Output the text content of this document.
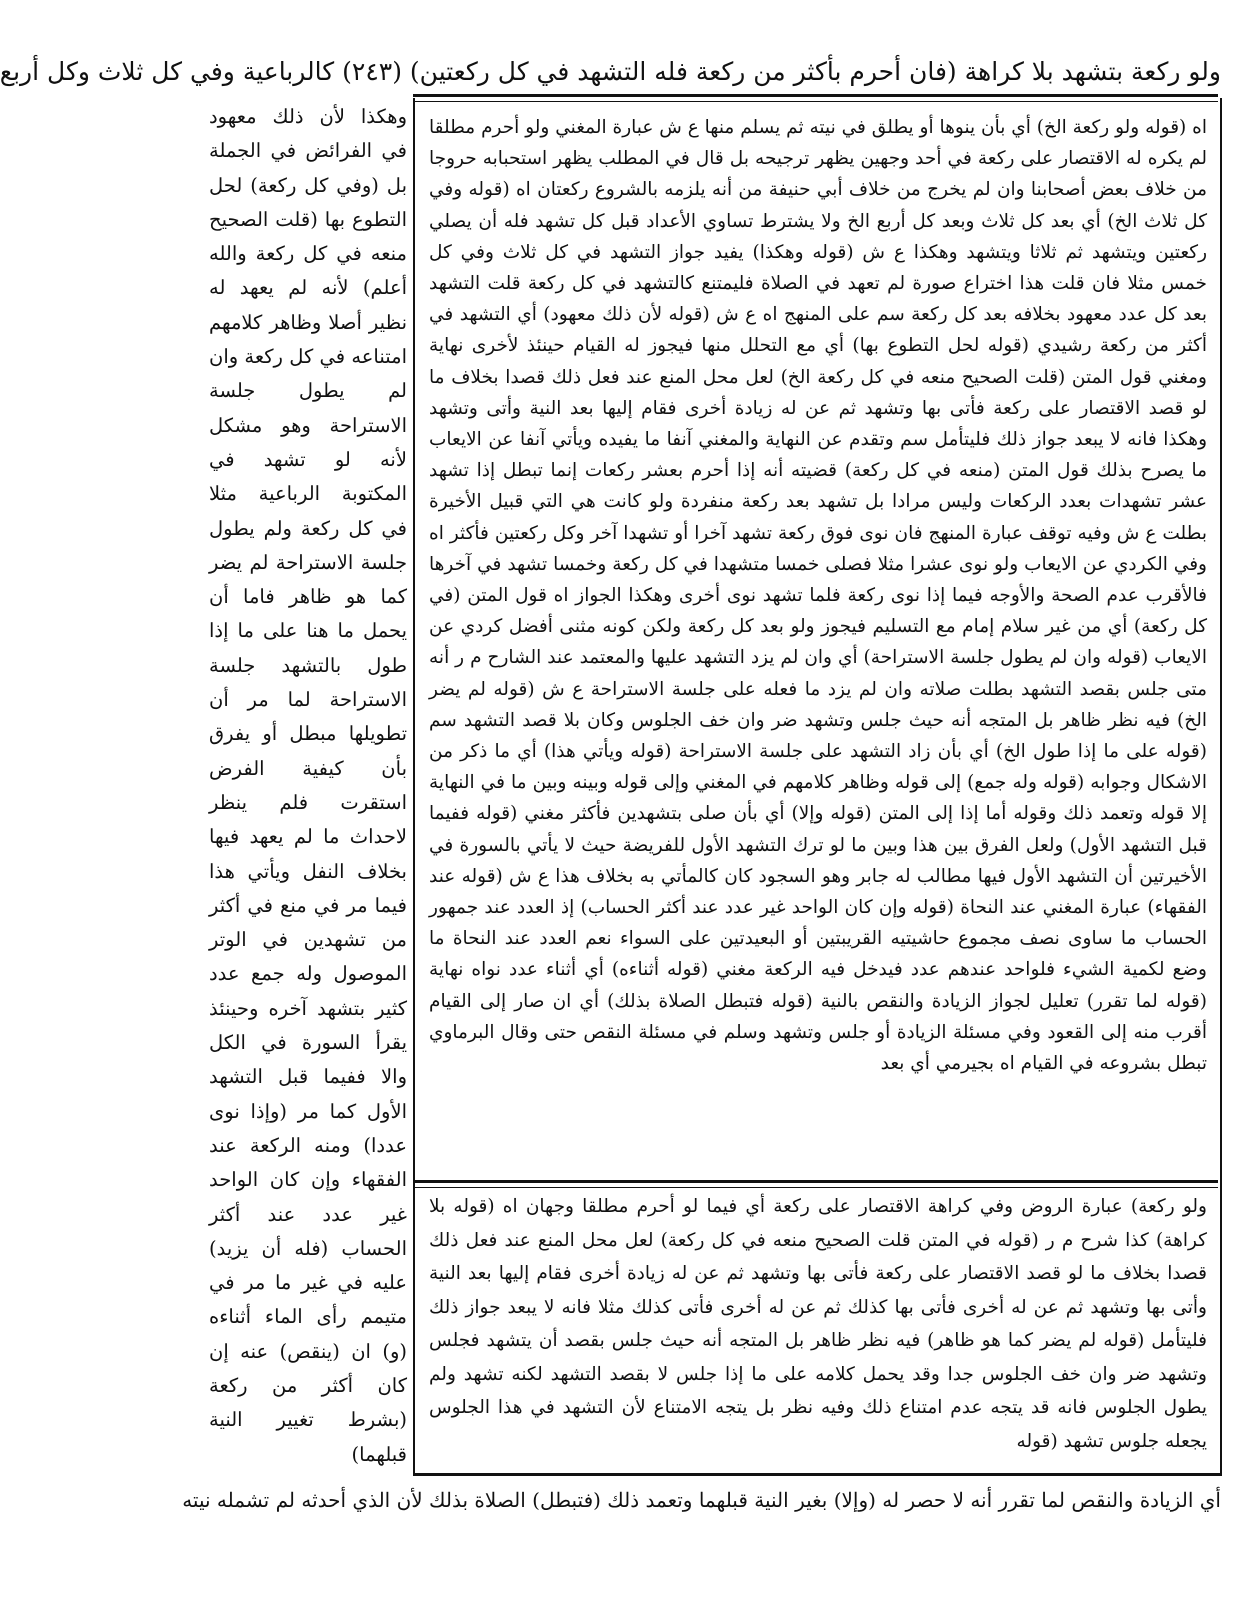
ولو ركعة بتشهد بلا كراهة (فان أحرم بأكثر من ركعة فله التشهد في كل ركعتين) (٢٤٣) كالرباعية وفي كل ثلاث وكل أربع

اه (قوله ولو ركعة الخ) أي بأن ينوها أو يطلق في نيته ثم يسلم منها ع ش عبارة المغني ولو أحرم مطلقا لم يكره له الاقتصار على ركعة في أحد وجهين يظهر ترجيحه بل قال في المطلب يظهر استحبابه حروجا من خلاف بعض أصحابنا وان لم يخرج من خلاف أبي حنيفة من أنه يلزمه بالشروع ركعتان اه (قوله وفي كل ثلاث الخ) أي بعد كل ثلاث وبعد كل أربع الخ ولا يشترط تساوي الأعداد قبل كل تشهد فله أن يصلي ركعتين ويتشهد ثم ثلاثا ويتشهد وهكذا ع ش (قوله وهكذا) يفيد جواز التشهد في كل ثلاث وفي كل خمس مثلا فان قلت هذا اختراع صورة لم تعهد في الصلاة فليمتنع كالتشهد في كل ركعة قلت التشهد بعد كل عدد معهود بخلافه بعد كل ركعة سم على المنهج اه ع ش (قوله لأن ذلك معهود) أي التشهد في أكثر من ركعة رشيدي (قوله لحل التطوع بها) أي مع التحلل منها فيجوز له القيام حينئذ لأخرى نهاية ومغني قول المتن (قلت الصحيح منعه في كل ركعة الخ) لعل محل المنع عند فعل ذلك قصدا بخلاف ما لو قصد الاقتصار على ركعة فأتى بها وتشهد ثم عن له زيادة أخرى فقام إليها بعد النية وأتى وتشهد وهكذا فانه لا يبعد جواز ذلك فليتأمل سم وتقدم عن النهاية والمغني آنفا ما يفيده ويأتي آنفا عن الايعاب ما يصرح بذلك قول المتن (منعه في كل ركعة) قضيته أنه إذا أحرم بعشر ركعات إنما تبطل إذا تشهد عشر تشهدات بعدد الركعات وليس مرادا بل تشهد بعد ركعة منفردة ولو كانت هي التي قبيل الأخيرة بطلت ع ش وفيه توقف عبارة المنهج فان نوى فوق ركعة تشهد آخرا أو تشهدا آخر وكل ركعتين فأكثر اه وفي الكردي عن الايعاب ولو نوى عشرا مثلا فصلى خمسا متشهدا في كل ركعة وخمسا تشهد في آخرها فالأقرب عدم الصحة والأوجه فيما إذا نوى ركعة فلما تشهد نوى أخرى وهكذا الجواز اه قول المتن (في كل ركعة) أي من غير سلام إمام مع التسليم فيجوز ولو بعد كل ركعة ولكن كونه مثنى أفضل كردي عن الايعاب (قوله وان لم يطول جلسة الاستراحة) أي وان لم يزد التشهد عليها والمعتمد عند الشارح م ر أنه متى جلس بقصد التشهد بطلت صلاته وان لم يزد ما فعله على جلسة الاستراحة ع ش (قوله لم يضر الخ) فيه نظر ظاهر بل المتجه أنه حيث جلس وتشهد ضر وان خف الجلوس وكان بلا قصد التشهد سم (قوله على ما إذا طول الخ) أي بأن زاد التشهد على جلسة الاستراحة (قوله ويأتي هذا) أي ما ذكر من الاشكال وجوابه (قوله وله جمع) إلى قوله وظاهر كلامهم في المغني وإلى قوله وبينه وبين ما في النهاية إلا قوله وتعمد ذلك وقوله أما إذا إلى المتن (قوله وإلا) أي بأن صلى بتشهدين فأكثر مغني (قوله ففيما قبل التشهد الأول) ولعل الفرق بين هذا وبين ما لو ترك التشهد الأول للفريضة حيث لا يأتي بالسورة في الأخيرتين أن التشهد الأول فيها مطالب له جابر وهو السجود كان كالمأتي به بخلاف هذا ع ش (قوله عند الفقهاء) عبارة المغني عند النحاة (قوله وإن كان الواحد غير عدد عند أكثر الحساب) إذ العدد عند جمهور الحساب ما ساوى نصف مجموع حاشيتيه القريبتين أو البعيدتين على السواء نعم العدد عند النحاة ما وضع لكمية الشيء فلواحد عندهم عدد فيدخل فيه الركعة مغني (قوله أثناءه) أي أثناء عدد نواه نهاية (قوله لما تقرر) تعليل لجواز الزيادة والنقص بالنية (قوله فتبطل الصلاة بذلك) أي ان صار إلى القيام أقرب منه إلى القعود وفي مسئلة الزيادة أو جلس وتشهد وسلم في مسئلة النقص حتى وقال البرماوي تبطل بشروعه في القيام اه بجيرمي أي بعد

ولو ركعة) عبارة الروض وفي كراهة الاقتصار على ركعة أي فيما لو أحرم مطلقا وجهان اه (قوله بلا كراهة) كذا شرح م ر (قوله في المتن قلت الصحيح منعه في كل ركعة) لعل محل المنع عند فعل ذلك قصدا بخلاف ما لو قصد الاقتصار على ركعة فأتى بها وتشهد ثم عن له زيادة أخرى فقام إليها بعد النية وأتى بها وتشهد ثم عن له أخرى فأتى بها كذلك ثم عن له أخرى فأتى كذلك مثلا فانه لا يبعد جواز ذلك فليتأمل (قوله لم يضر كما هو ظاهر) فيه نظر ظاهر بل المتجه أنه حيث جلس بقصد أن يتشهد فجلس وتشهد ضر وان خف الجلوس جدا وقد يحمل كلامه على ما إذا جلس لا بقصد التشهد لكنه تشهد ولم يطول الجلوس فانه قد يتجه عدم امتناع ذلك وفيه نظر بل يتجه الامتناع لأن التشهد في هذا الجلوس يجعله جلوس تشهد (قوله

وهكذا لأن ذلك معهود في الفرائض في الجملة بل (وفي كل ركعة) لحل التطوع بها (قلت الصحيح منعه في كل ركعة والله أعلم) لأنه لم يعهد له نظير أصلا وظاهر كلامهم امتناعه في كل ركعة وان لم يطول جلسة الاستراحة وهو مشكل لأنه لو تشهد في المكتوبة الرباعية مثلا في كل ركعة ولم يطول جلسة الاستراحة لم يضر كما هو ظاهر فاما أن يحمل ما هنا على ما إذا طول بالتشهد جلسة الاستراحة لما مر أن تطويلها مبطل أو يفرق بأن كيفية الفرض استقرت فلم ينظر لاحداث ما لم يعهد فيها بخلاف النفل ويأتي هذا فيما مر في منع في أكثر من تشهدين في الوتر الموصول وله جمع عدد كثير بتشهد آخره وحينئذ يقرأ السورة في الكل والا ففيما قبل التشهد الأول كما مر (وإذا نوى عددا) ومنه الركعة عند الفقهاء وإن كان الواحد غير عدد عند أكثر الحساب (فله أن يزيد) عليه في غير ما مر في متيمم رأى الماء أثناءه (و) ان (ينقص) عنه إن كان أكثر من ركعة (بشرط تغيير النية قبلهما)

أي الزيادة والنقص لما تقرر أنه لا حصر له (وإلا) بغير النية قبلهما وتعمد ذلك (فتبطل) الصلاة بذلك لأن الذي أحدثه لم تشمله نيته
